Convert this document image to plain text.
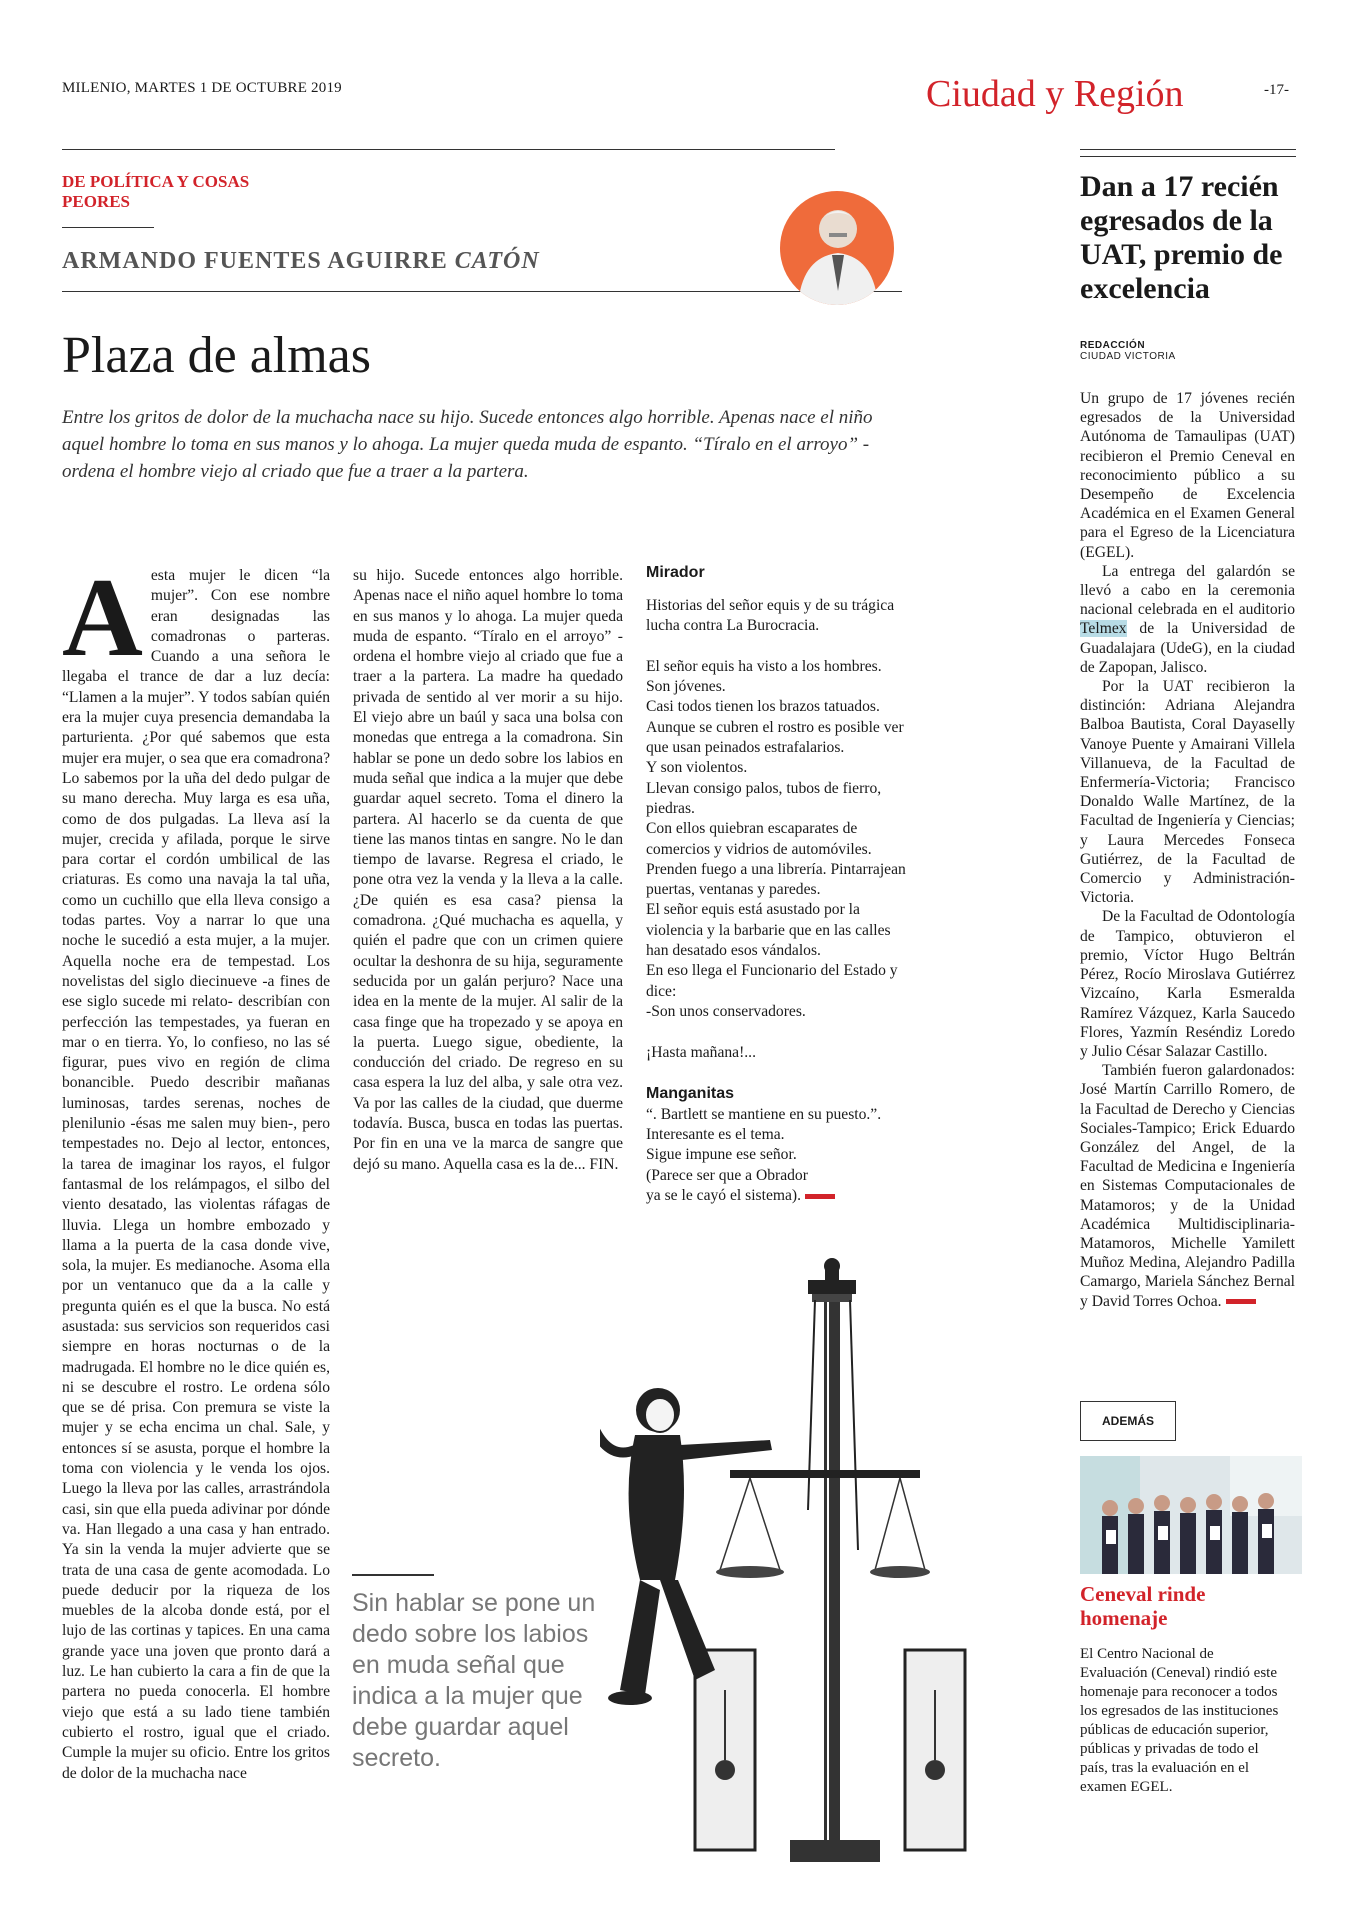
MILENIO, MARTES 1 DE OCTUBRE 2019	Ciudad y Región	-17-
DE POLÍTICA Y COSAS
PEORES
ARMANDO FUENTES AGUIRRE CATÓN
Plaza de almas
Entre los gritos de dolor de la muchacha nace su hijo. Sucede entonces algo horrible. Apenas nace el niño aquel hombre lo toma en sus manos y lo ahoga. La mujer queda muda de espanto. “Tíralo en el arroyo” -ordena el hombre viejo al criado que fue a traer a la partera.
A esta mujer le dicen “la mujer”. Con ese nombre eran designadas las comadronas o parteras. Cuando a una señora le llegaba el trance de dar a luz decía: “Llamen a la mujer”. Y todos sabían quién era la mujer cuya presencia demandaba la parturienta. ¿Por qué sabemos que esta mujer era mujer, o sea que era comadrona? Lo sabemos por la uña del dedo pulgar de su mano derecha. Muy larga es esa uña, como de dos pulgadas. La lleva así la mujer, crecida y afilada, porque le sirve para cortar el cordón umbilical de las criaturas. Es como una navaja la tal uña, como un cuchillo que ella lleva consigo a todas partes. Voy a narrar lo que una noche le sucedió a esta mujer, a la mujer. Aquella noche era de tempestad. Los novelistas del siglo diecinueve -a fines de ese siglo sucede mi relato- describían con perfección las tempestades, ya fueran en mar o en tierra. Yo, lo confieso, no las sé figurar, pues vivo en región de clima bonancible. Puedo describir mañanas luminosas, tardes serenas, noches de plenilunio -ésas me salen muy bien-, pero tempestades no. Dejo al lector, entonces, la tarea de imaginar los rayos, el fulgor fantasmal de los relámpagos, el silbo del viento desatado, las violentas ráfagas de lluvia. Llega un hombre embozado y llama a la puerta de la casa donde vive, sola, la mujer. Es medianoche. Asoma ella por un ventanuco que da a la calle y pregunta quién es el que la busca. No está asustada: sus servicios son requeridos casi siempre en horas nocturnas o de la madrugada. El hombre no le dice quién es, ni se descubre el rostro. Le ordena sólo que se dé prisa. Con premura se viste la mujer y se echa encima un chal. Sale, y entonces sí se asusta, porque el hombre la toma con violencia y le venda los ojos. Luego la lleva por las calles, arrastrándola casi, sin que ella pueda adivinar por dónde va. Han llegado a una casa y han entrado. Ya sin la venda la mujer advierte que se trata de una casa de gente acomodada. Lo puede deducir por la riqueza de los muebles de la alcoba donde está, por el lujo de las cortinas y tapices. En una cama grande yace una joven que pronto dará a luz. Le han cubierto la cara a fin de que la partera no pueda conocerla. El hombre viejo que está a su lado tiene también cubierto el rostro, igual que el criado. Cumple la mujer su oficio. Entre los gritos de dolor de la muchacha nace
su hijo. Sucede entonces algo horrible. Apenas nace el niño aquel hombre lo toma en sus manos y lo ahoga. La mujer queda muda de espanto. “Tíralo en el arroyo” -ordena el hombre viejo al criado que fue a traer a la partera. La madre ha quedado privada de sentido al ver morir a su hijo. El viejo abre un baúl y saca una bolsa con monedas que entrega a la comadrona. Sin hablar se pone un dedo sobre los labios en muda señal que indica a la mujer que debe guardar aquel secreto. Toma el dinero la partera. Al hacerlo se da cuenta de que tiene las manos tintas en sangre. No le dan tiempo de lavarse. Regresa el criado, le pone otra vez la venda y la lleva a la calle. ¿De quién es esa casa? piensa la comadrona. ¿Qué muchacha es aquella, y quién el padre que con un crimen quiere ocultar la deshonra de su hija, seguramente seducida por un galán perjuro? Nace una idea en la mente de la mujer. Al salir de la casa finge que ha tropezado y se apoya en la puerta. Luego sigue, obediente, la conducción del criado. De regreso en su casa espera la luz del alba, y sale otra vez. Va por las calles de la ciudad, que duerme todavía. Busca, busca en todas las puertas. Por fin en una ve la marca de sangre que dejó su mano. Aquella casa es la de... FIN.
Mirador

Historias del señor equis y de su trágica lucha contra La Burocracia.

El señor equis ha visto a los hombres.

Son jóvenes.

Casi todos tienen los brazos tatuados.

Aunque se cubren el rostro es posible ver que usan peinados estrafalarios.

Y son violentos.

Llevan consigo palos, tubos de fierro, piedras.

Con ellos quiebran escaparates de comercios y vidrios de automóviles.

Prenden fuego a una librería. Pintarrajean puertas, ventanas y paredes.

El señor equis está asustado por la violencia y la barbarie que en las calles han desatado esos vándalos.

En eso llega el Funcionario del Estado y dice:

-Son unos conservadores.

¡Hasta mañana!...

Manganitas

“. Bartlett se mantiene en su puesto.”.

Interesante es el tema.

Sigue impune ese señor.

(Parece ser que a Obrador

ya se le cayó el sistema).

Sin hablar se pone un dedo sobre los labios en muda señal que indica a la mujer que debe guardar aquel secreto.
Dan a 17 recién egresados de la UAT, premio de excelencia
REDACCIÓN
CIUDAD VICTORIA

Un grupo de 17 jóvenes recién egresados de la Universidad Autónoma de Tamaulipas (UAT) recibieron el Premio Ceneval en reconocimiento público a su Desempeño de Excelencia Académica en el Examen General para el Egreso de la Licenciatura (EGEL).

La entrega del galardón se llevó a cabo en la ceremonia nacional celebrada en el auditorio Telmex de la Universidad de Guadalajara (UdeG), en la ciudad de Zapopan, Jalisco.

Por la UAT recibieron la distinción: Adriana Alejandra Balboa Bautista, Coral Dayaselly Vanoye Puente y Amairani Villela Villanueva, de la Facultad de Enfermería-Victoria; Francisco Donaldo Walle Martínez, de la Facultad de Ingeniería y Ciencias; y Laura Mercedes Fonseca Gutiérrez, de la Facultad de Comercio y Administración-Victoria.

De la Facultad de Odontología de Tampico, obtuvieron el premio, Víctor Hugo Beltrán Pérez, Rocío Miroslava Gutiérrez Vizcaíno, Karla Esmeralda Ramírez Vázquez, Karla Saucedo Flores, Yazmín Reséndiz Loredo y Julio César Salazar Castillo.

También fueron galardonados: José Martín Carrillo Romero, de la Facultad de Derecho y Ciencias Sociales-Tampico; Erick Eduardo González del Angel, de la Facultad de Medicina e Ingeniería en Sistemas Computacionales de Matamoros; y de la Unidad Académica Multidisciplinaria-Matamoros, Michelle Yamilett Muñoz Medina, Alejandro Padilla Camargo, Mariela Sánchez Bernal y David Torres Ochoa.

ADEMÁS
Ceneval rinde homenaje
El Centro Nacional de Evaluación (Ceneval) rindió este homenaje para reconocer a todos los egresados de las instituciones públicas de educación superior, públicas y privadas de todo el país, tras la evaluación en el examen EGEL.
